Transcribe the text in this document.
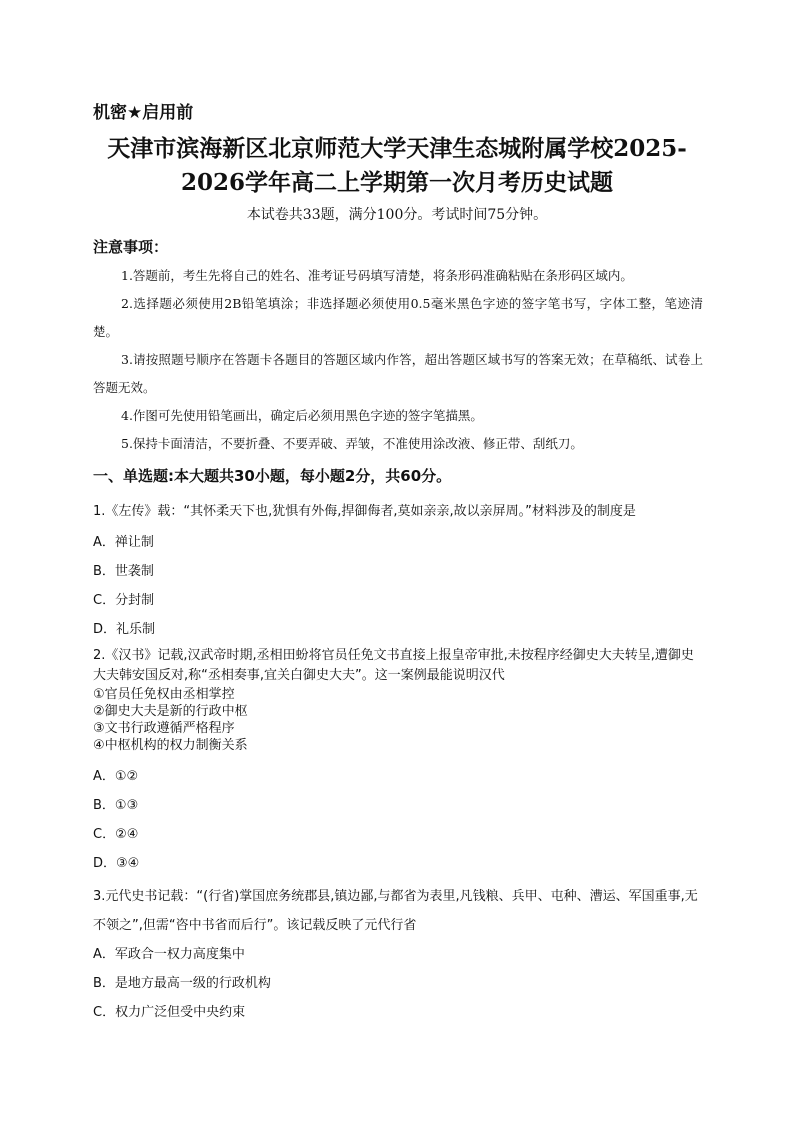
机密★启用前
天津市滨海新区北京师范大学天津生态城附属学校2025-
2026学年高二上学期第一次月考历史试题
本试卷共33题，满分100分。考试时间75分钟。
注意事项：

1.答题前，考生先将自己的姓名、准考证号码填写清楚，将条形码准确粘贴在条形码区域内。

2.选择题必须使用2B铅笔填涂；非选择题必须使用0.5毫米黑色字迹的签字笔书写，字体工整，笔迹清楚。

3.请按照题号顺序在答题卡各题目的答题区域内作答，超出答题区域书写的答案无效；在草稿纸、试卷上答题无效。

4.作图可先使用铅笔画出，确定后必须用黑色字迹的签字笔描黑。

5.保持卡面清洁，不要折叠、不要弄破、弄皱，不准使用涂改液、修正带、刮纸刀。

一、单选题:本大题共30小题，每小题2分，共60分。

1.《左传》载：“其怀柔天下也,犹惧有外侮,捍御侮者,莫如亲亲,故以亲屏周。”材料涉及的制度是

A．禅让制

B．世袭制

C．分封制

D．礼乐制

2.《汉书》记载,汉武帝时期,丞相田蚡将官员任免文书直接上报皇帝审批,未按程序经御史大夫转呈,遭御史大夫韩安国反对,称“丞相奏事,宜关白御史大夫”。这一案例最能说明汉代

①官员任免权由丞相掌控

②御史大夫是新的行政中枢

③文书行政遵循严格程序

④中枢机构的权力制衡关系

A．①②

B．①③

C．②④

D．③④

3.元代史书记载：“(行省)掌国庶务统郡县,镇边鄙,与都省为表里,凡钱粮、兵甲、屯种、漕运、军国重事,无不领之”,但需“咨中书省而后行”。该记载反映了元代行省

A．军政合一权力高度集中

B．是地方最高一级的行政机构

C．权力广泛但受中央约束
